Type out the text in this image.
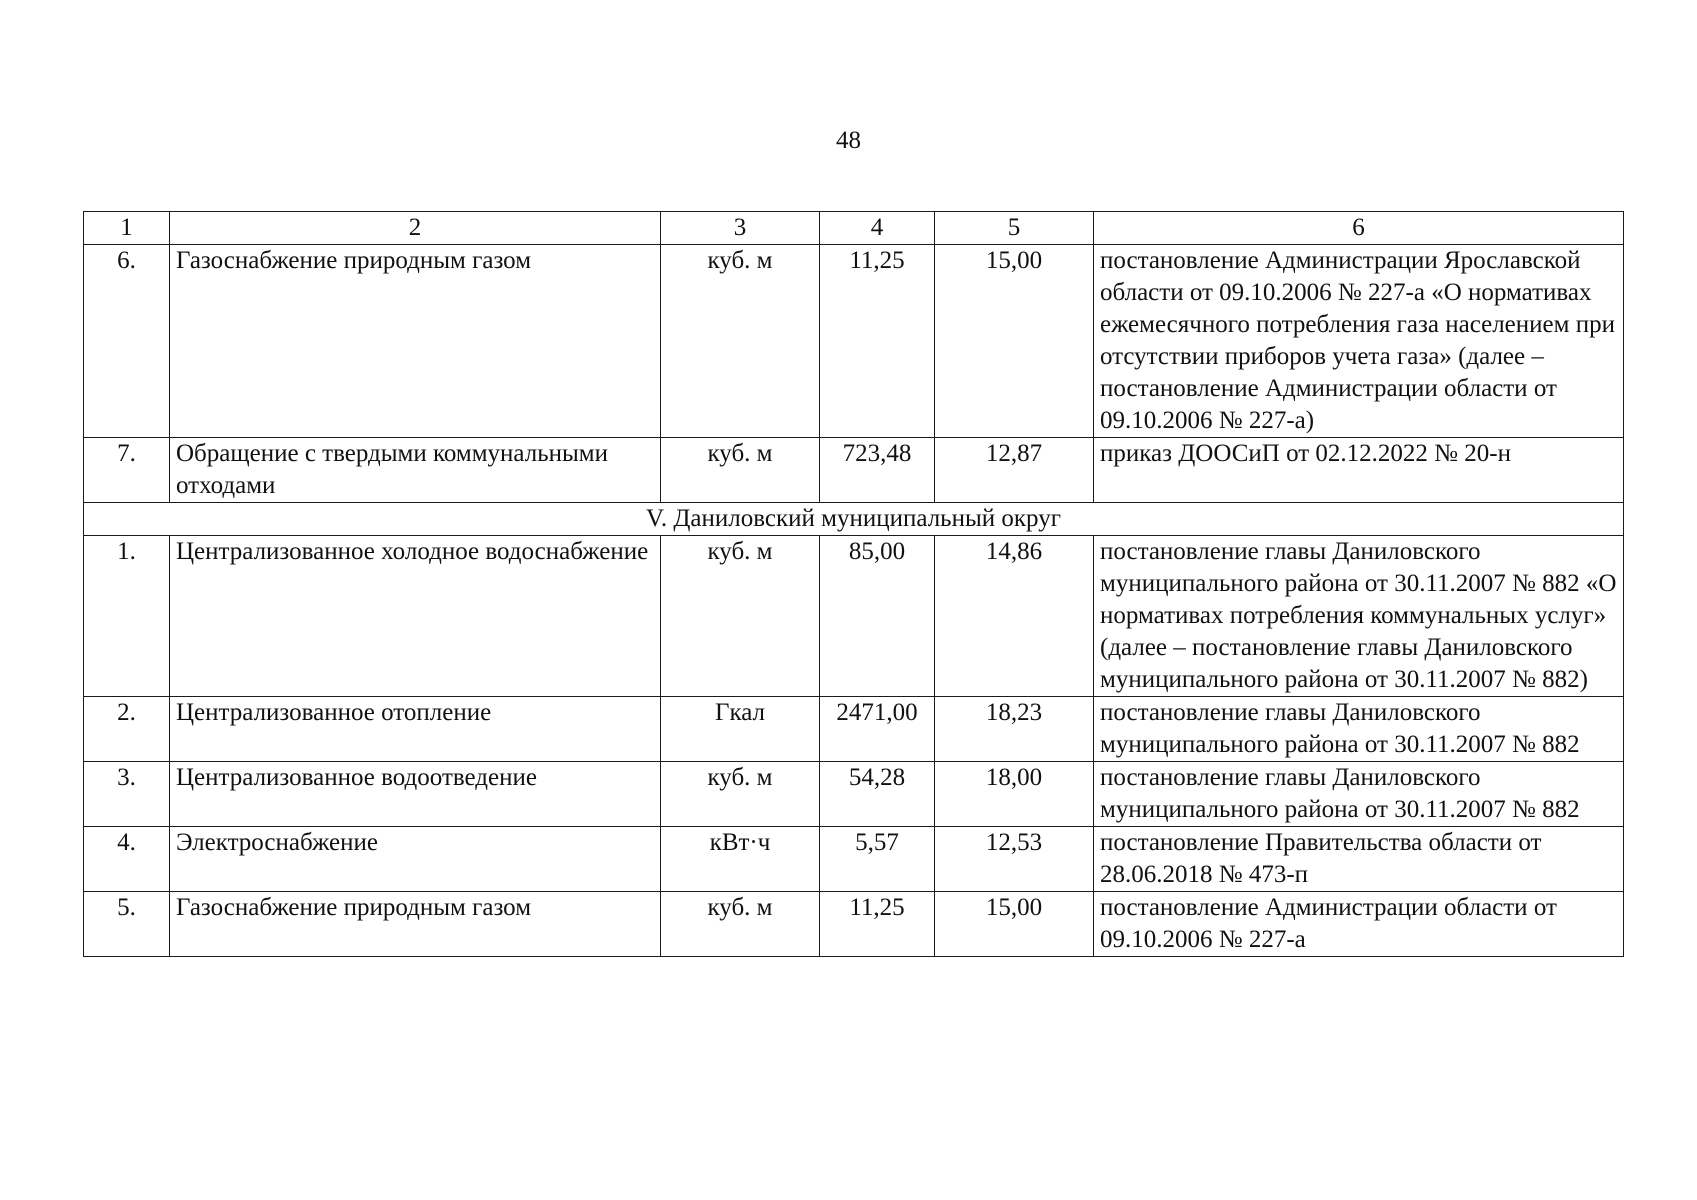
48
1	2	3	4	5	6
6.	Газоснабжение природным газом	куб. м	11,25	15,00	постановление Администрации Ярославской области от 09.10.2006 № 227-а «О нормативах ежемесячного потребления газа населением при отсутствии приборов учета газа» (далее – постановление Администрации области от 09.10.2006 № 227-а)
7.	Обращение с твердыми коммунальными отходами	куб. м	723,48	12,87	приказ ДООСиП от 02.12.2022 № 20-н
V. Даниловский муниципальный округ					
1.	Централизованное холодное водоснабжение	куб. м	85,00	14,86	постановление главы Даниловского муниципального района от 30.11.2007 № 882 «О нормативах потребления коммунальных услуг» (далее – постановление главы Даниловского муниципального района от 30.11.2007 № 882)
2.	Централизованное отопление	Гкал	2471,00	18,23	постановление главы Даниловского муниципального района от 30.11.2007 № 882
3.	Централизованное водоотведение	куб. м	54,28	18,00	постановление главы Даниловского муниципального района от 30.11.2007 № 882
4.	Электроснабжение	кВт·ч	5,57	12,53	постановление Правительства области от 28.06.2018 № 473-п
5.	Газоснабжение природным газом	куб. м	11,25	15,00	постановление Администрации области от 09.10.2006 № 227-а
